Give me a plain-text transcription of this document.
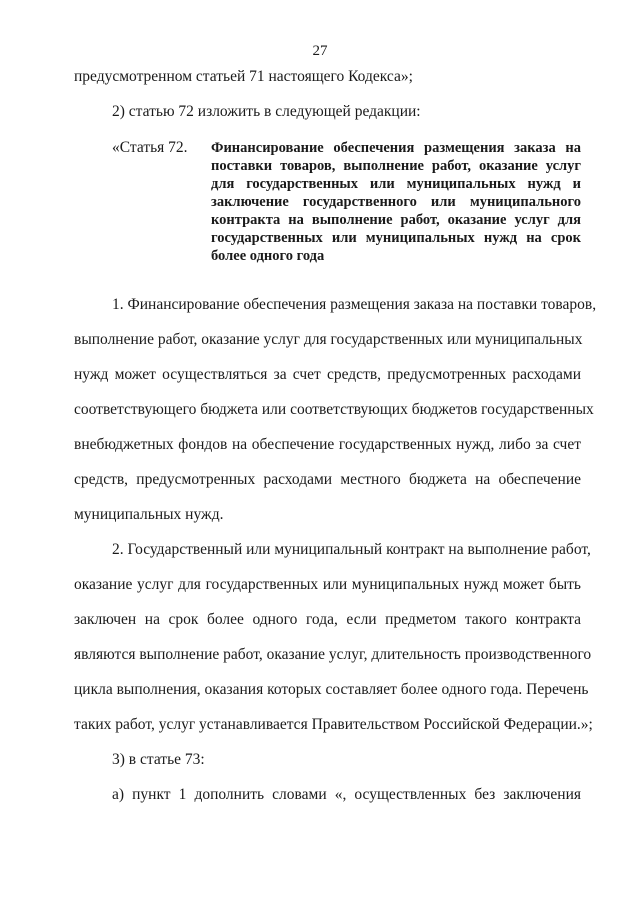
27
предусмотренном статьей 71 настоящего Кодекса»;
2) статью 72 изложить в следующей редакции:
«Статья 72. Финансирование обеспечения размещения заказа на
поставки товаров, выполнение работ, оказание услуг
для государственных или муниципальных нужд и
заключение государственного или муниципального
контракта на выполнение работ, оказание услуг для
государственных или муниципальных нужд на срок
более одного года
1. Финансирование обеспечения размещения заказа на поставки товаров,
выполнение работ, оказание услуг для государственных или муниципальных
нужд может осуществляться за счет средств, предусмотренных расходами
соответствующего бюджета или соответствующих бюджетов государственных
внебюджетных фондов на обеспечение государственных нужд, либо за счет
средств, предусмотренных расходами местного бюджета на обеспечение
муниципальных нужд.
2. Государственный или муниципальный контракт на выполнение работ,
оказание услуг для государственных или муниципальных нужд может быть
заключен на срок более одного года, если предметом такого контракта
являются выполнение работ, оказание услуг, длительность производственного
цикла выполнения, оказания которых составляет более одного года. Перечень
таких работ, услуг устанавливается Правительством Российской Федерации.»;
3) в статье 73:
а) пункт 1 дополнить словами «, осуществленных без заключения
